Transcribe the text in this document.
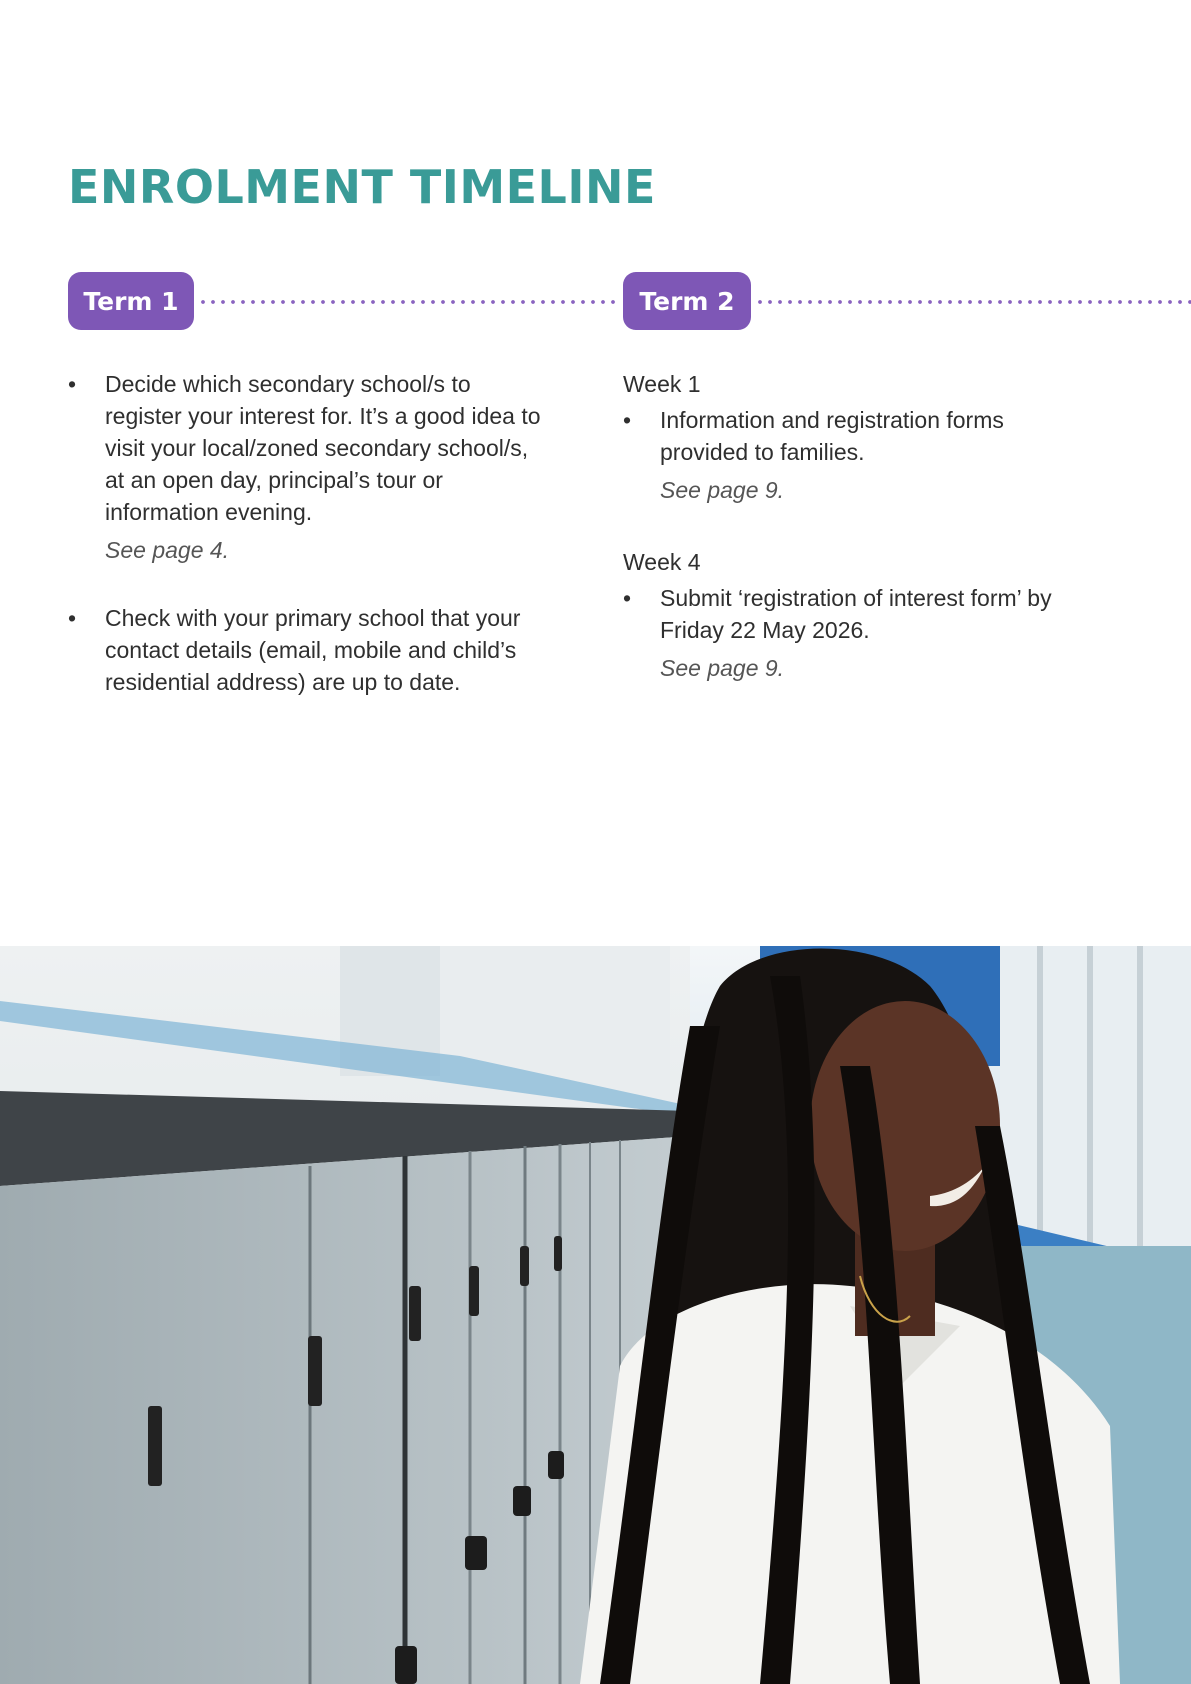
ENROLMENT TIMELINE
Term 1	Term 2
• Decide which secondary school/s to register your interest for. It’s a good idea to visit your local/zoned secondary school/s, at an open day, principal’s tour or information evening.
See page 4.
• Check with your primary school that your contact details (email, mobile and child’s residential address) are up to date.
Week 1
• Information and registration forms provided to families.
See page 9.
Week 4
• Submit ‘registration of interest form’ by Friday 22 May 2026.
See page 9.
